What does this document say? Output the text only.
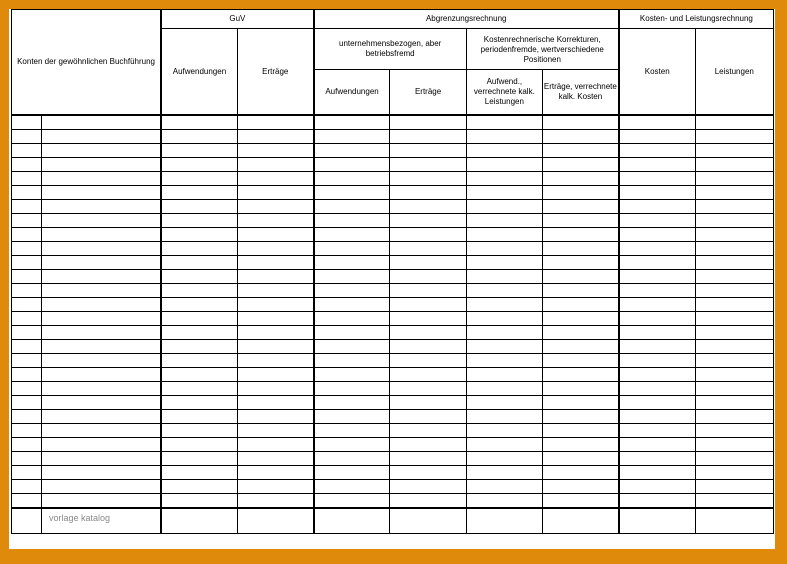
Konten der gewöhnlichen Buchführung		GuV		Abgrenzungsrechnung				Kosten- und Leistungsrechnung	
		Aufwendungen	Erträge	unternehmensbezogen, aber betriebsfremd		Kostenrechnerische Korrekturen, periodenfremde, wertverschiedene Positionen		Kosten	Leistungen
				Aufwendungen	Erträge	Aufwend., verrechnete kalk. Leistungen	Erträge, verrechnete kalk. Kosten		

vorlage katalog
